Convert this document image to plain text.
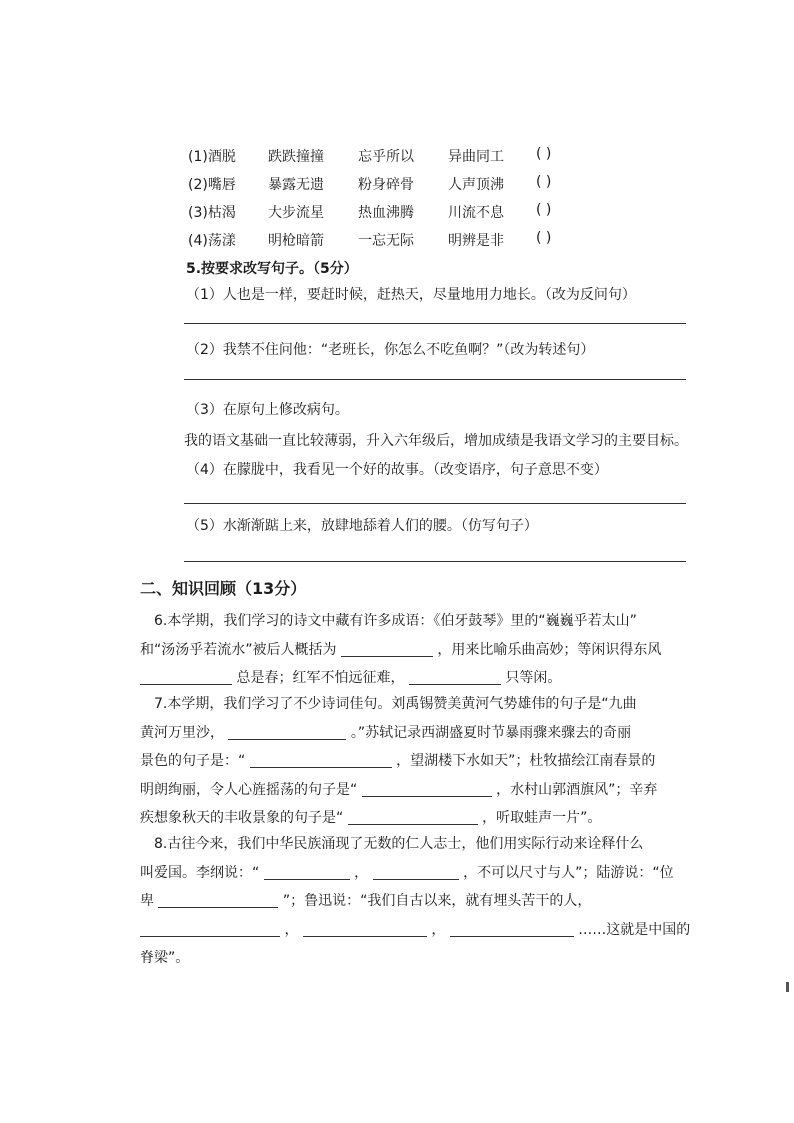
(1)酒脱 跌跌撞撞 忘乎所以 异曲同工 ( )
(2)嘴唇 暴露无遗 粉身碎骨 人声顶沸 ( )
(3)枯渴 大步流星 热血沸腾 川流不息 ( )
(4)荡漾 明枪暗箭 一忘无际 明辨是非 ( )
5.按要求改写句子。（5分）
（1）人也是一样，要赶时候，赶热天，尽量地用力地长。（改为反问句）
（2）我禁不住问他：“老班长，你怎么不吃鱼啊？”（改为转述句）
（3）在原句上修改病句。
我的语文基础一直比较薄弱，升入六年级后，增加成绩是我语文学习的主要目标。
（4）在朦胧中，我看见一个好的故事。（改变语序，句子意思不变）
（5）水渐渐踮上来，放肆地舔着人们的腰。（仿写句子）
二、知识回顾（13分）
6.本学期，我们学习的诗文中藏有许多成语：《伯牙鼓琴》里的“巍巍乎若太山”
和“汤汤乎若流水”被后人概括为	，用来比喻乐曲高妙；等闲识得东风
总是春；红军不怕远征难，	只等闲。
7.本学期，我们学习了不少诗词佳句。刘禹锡赞美黄河气势雄伟的句子是“九曲
黄河万里沙，	。”苏轼记录西湖盛夏时节暴雨骤来骤去的奇丽
景色的句子是：“	，望湖楼下水如天”；杜牧描绘江南春景的
明朗绚丽，令人心旌摇荡的句子是“	，水村山郭酒旗风”；辛弃
疾想象秋天的丰收景象的句子是“	，听取蛙声一片”。
8.古往今来，我们中华民族涌现了无数的仁人志士，他们用实际行动来诠释什么
叫爱国。李纲说：“	，	，不可以尺寸与人”；陆游说：“位
卑	”；鲁迅说：“我们自古以来，就有埋头苦干的人，
，	，	……这就是中国的
脊梁”。
